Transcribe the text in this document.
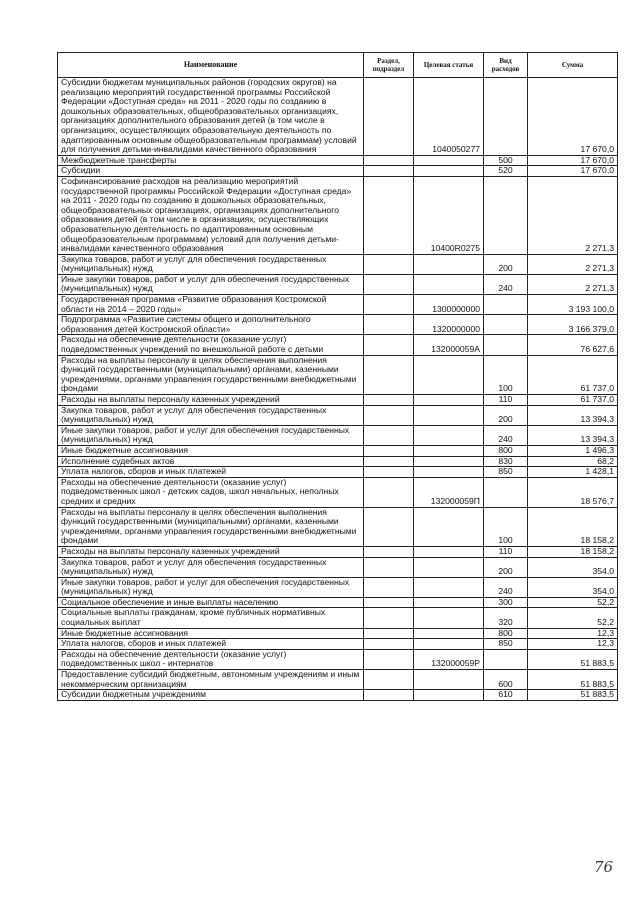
Наименование	Раздел, подраздел	Целевая статья	Вид расходов	Сумма
Субсидии бюджетам муниципальных районов (городских округов) на реализацию мероприятий государственной программы Российской Федерации «Доступная среда» на 2011 - 2020 годы по созданию в дошкольных образовательных, общеобразовательных организациях, организациях дополнительного образования детей (в том числе в организациях, осуществляющих образовательную деятельность по адаптированным основным общеобразовательным программам) условий для получения детьми-инвалидами качественного образования		1040050277		17 670,0
Межбюджетные трансферты			500	17 670,0
Субсидии			520	17 670,0
Софинансирование расходов на реализацию мероприятий государственной программы Российской Федерации «Доступная среда» на 2011 - 2020 годы по созданию в дошкольных образовательных, общеобразовательных организациях, организациях дополнительного образования детей (в том числе в организациях, осуществляющих образовательную деятельность по адаптированным основным общеобразовательным программам) условий для получения детьми-инвалидами качественного образования		10400R0275		2 271,3
Закупка товаров, работ и услуг для обеспечения государственных (муниципальных) нужд			200	2 271,3
Иные закупки товаров, работ и услуг для обеспечения государственных (муниципальных) нужд			240	2 271,3
Государственная программа «Развитие образования Костромской области на 2014 – 2020 годы»		1300000000		3 193 100,0
Подпрограмма «Развитие системы общего и дополнительного образования детей Костромской области»		1320000000		3 166 379,0
Расходы на обеспечение деятельности (оказание услуг) подведомственных учреждений по внешкольной работе с детьми		132000059А		76 627,6
Расходы на выплаты персоналу в целях обеспечения выполнения функций государственными (муниципальными) органами, казенными учреждениями, органами управления государственными внебюджетными фондами			100	61 737,0
Расходы на выплаты персоналу казенных учреждений			110	61 737,0
Закупка товаров, работ и услуг для обеспечения государственных (муниципальных) нужд			200	13 394,3
Иные закупки товаров, работ и услуг для обеспечения государственных (муниципальных) нужд			240	13 394,3
Иные бюджетные ассигнования			800	1 496,3
Исполнение судебных актов			830	68,2
Уплата налогов, сборов и иных платежей			850	1 428,1
Расходы на обеспечение деятельности (оказание услуг) подведомственных школ - детских садов, школ начальных, неполных средних и средних		132000059П		18 576,7
Расходы на выплаты персоналу в целях обеспечения выполнения функций государственными (муниципальными) органами, казенными учреждениями, органами управления государственными внебюджетными фондами			100	18 158,2
Расходы на выплаты персоналу казенных учреждений			110	18 158,2
Закупка товаров, работ и услуг для обеспечения государственных (муниципальных) нужд			200	354,0
Иные закупки товаров, работ и услуг для обеспечения государственных (муниципальных) нужд			240	354,0
Социальное обеспечение и иные выплаты населению			300	52,2
Социальные выплаты гражданам, кроме публичных нормативных социальных выплат			320	52,2
Иные бюджетные ассигнования			800	12,3
Уплата налогов, сборов и иных платежей			850	12,3
Расходы на обеспечение деятельности (оказание услуг) подведомственных школ - интернатов		132000059Р		51 883,5
Предоставление субсидий бюджетным, автономным учреждениям и иным некоммерческим организациям			600	51 883,5
Субсидии бюджетным учреждениям			610	51 883,5
76
